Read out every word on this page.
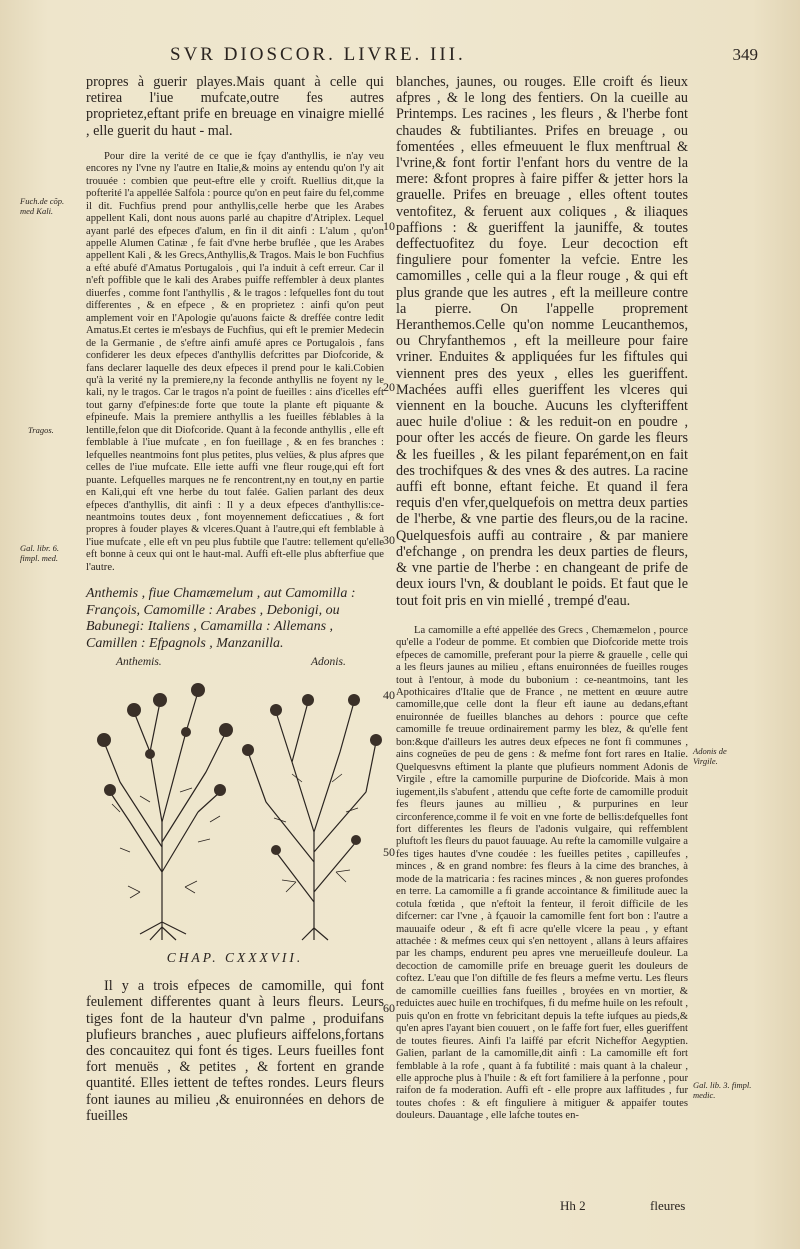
SVR DIOSCOR. LIVRE. III.	349
Fuch.de cõp. med Kali.
Tragos.
Gal. libr. 6. fimpl. med.
Adonis de Virgile.
Gal. lib. 3. fimpl. medic.
10
20
30
40
50
60

propres à guerir playes.Mais quant à celle qui retirea l'iue mufcate,outre fes autres proprietez,eftant prife en breuage en vinaigre miellé , elle guerit du haut - mal.

Pour dire la verité de ce que ie fçay d'anthyllis, ie n'ay veu encores ny l'vne ny l'autre en Italie,& moins ay entendu qu'on l'y ait trouuée : combien que peut-eftre elle y croift. Ruellius dit,que la pofterité l'a appellée Salfola : pource qu'on en peut faire du fel,comme il dit. Fuchfius prend pour anthyllis,celle herbe que les Arabes appellent Kali, dont nous auons parlé au chapitre d'Atriplex. Lequel ayant parlé des efpeces d'alum, en fin il dit ainfi : L'alum , qu'on appelle Alumen Catinæ , fe fait d'vne herbe bruflée , que les Arabes appellent Kali , & les Grecs,Anthyllis,& Tragos. Mais le bon Fuchfius a efté abufé d'Amatus Portugalois , qui l'a induit à ceft erreur. Car il n'eft poffible que le kali des Arabes puiffe reffembler à deux plantes diuerfes , comme font l'anthyllis , & le tragos : lefquelles font du tout differentes , & en efpece , & en proprietez : ainfi qu'on peut amplement voir en l'Apologie qu'auons faicte & dreffée contre ledit Amatus.Et certes ie m'esbays de Fuchfius, qui eft le premier Medecin de la Germanie , de s'eftre ainfi amufé apres ce Portugalois , fans confiderer les deux efpeces d'anthyllis defcrittes par Diofcoride, & fans declarer laquelle des deux efpeces il prend pour le kali.Cobien qu'à la verité ny la premiere,ny la feconde anthyllis ne foyent ny le kali, ny le tragos. Car le tragos n'a point de fueilles : ains d'icelles eft tout garny d'efpines:de forte que toute la plante eft piquante & efpineufe. Mais la premiere anthyllis a les fueilles féblables à la lentille,felon que dit Diofcoride. Quant à la feconde anthyllis , elle eft femblable à l'iue mufcate , en fon fueillage , & en fes branches : lefquelles neantmoins font plus petites, plus velües, & plus afpres que celles de l'iue mufcate. Elle iette auffi vne fleur rouge,qui eft fort puante. Lefquelles marques ne fe rencontrent,ny en tout,ny en partie en Kali,qui eft vne herbe du tout falée. Galien parlant des deux efpeces d'anthyllis, dit ainfi : Il y a deux efpeces d'anthyllis:ce-neantmoins toutes deux , font moyennement deficcatiues , & fort propres à fouder playes & vlceres.Quant à l'autre,qui eft femblable à l'iue mufcate , elle eft vn peu plus fubtile que l'autre: tellement qu'elle eft bonne à ceux qui ont le haut-mal. Auffi eft-elle plus abfterfiue que l'autre.

Anthemis , fiue Chamæmelum , aut Camomilla : François, Camomille : Arabes , Debonigi, ou Babunegi: Italiens , Camamilla : Allemans , Camillen : Efpagnols , Manzanilla.

Anthemis.	Adonis.
CHAP. CXXXVII.

Il y a trois efpeces de camomille, qui font feulement differentes quant à leurs fleurs. Leurs tiges font de la hauteur d'vn palme , produifans plufieurs branches , auec plufieurs aiffelons,fortans des concauitez qui font és tiges. Leurs fueilles font fort menuës , & petites , & fortent en grande quantité. Elles iettent de teftes rondes. Leurs fleurs font iaunes au milieu ,& enuironnées en dehors de fueilles

blanches, jaunes, ou rouges. Elle croift és lieux afpres , & le long des fentiers. On la cueille au Printemps. Les racines , les fleurs , & l'herbe font chaudes & fubtiliantes. Prifes en breuage , ou fomentées , elles efmeuuent le flux menftrual & l'vrine,& font fortir l'enfant hors du ventre de la mere: &font propres à faire piffer & jetter hors la grauelle. Prifes en breuage , elles oftent toutes ventofitez, & feruent aux coliques , & iliaques paffions : & gueriffent la jauniffe, & toutes deffectuofitez du foye. Leur decoction eft finguliere pour fomenter la vefcie. Entre les camomilles , celle qui a la fleur rouge , & qui eft plus grande que les autres , eft la meilleure contre la pierre. On l'appelle proprement Heranthemos.Celle qu'on nomme Leucanthemos, ou Chryfanthemos , eft la meilleure pour faire vriner. Enduites & appliquées fur les fiftules qui viennent pres des yeux , elles les gueriffent. Machées auffi elles gueriffent les vlceres qui viennent en la bouche. Aucuns les clyfteriffent auec huile d'oliue : & les reduit-on en poudre , pour ofter les accés de fieure. On garde les fleurs & les fueilles , & les pilant feparément,on en fait des trochifques & des vnes & des autres. La racine auffi eft bonne, eftant feiche. Et quand il fera requis d'en vfer,quelquefois on mettra deux parties de l'herbe, & vne partie des fleurs,ou de la racine. Quelquesfois auffi au contraire , & par maniere d'efchange , on prendra les deux parties de fleurs, & vne partie de l'herbe : en changeant de prife de deux iours l'vn, & doublant le poids. Et faut que le tout foit pris en vin miellé , trempé d'eau.

La camomille a efté appellée des Grecs , Chemæmelon , pource qu'elle a l'odeur de pomme. Et combien que Diofcoride mette trois efpeces de camomille, preferant pour la pierre & grauelle , celle qui a les fleurs jaunes au milieu , eftans enuironnées de fueilles rouges tout à l'entour, à mode du bubonium : ce-neantmoins, tant les Apothicaires d'Italie que de France , ne mettent en œuure autre camomille,que celle dont la fleur eft iaune au dedans,eftant enuironnée de fueilles blanches au dehors : pource que cefte camomille fe treuue ordinairement parmy les blez, & qu'elle fent bon:&que d'ailleurs les autres deux efpeces ne font fi communes , ains cogneües de peu de gens : & mefme font fort rares en Italie. Quelquesvns eftiment la plante que plufieurs nomment Adonis de Virgile , eftre la camomille purpurine de Diofcoride. Mais à mon iugement,ils s'abufent , attendu que cefte forte de camomille produit fes fleurs jaunes au millieu , & purpurines en leur circonference,comme il fe voit en vne forte de bellis:defquelles font fort differentes les fleurs de l'adonis vulgaire, qui reffemblent pluftoft les fleurs du pauot fauuage. Au refte la camomille vulgaire a fes tiges hautes d'vne coudée : les fueilles petites , capilleufes , minces , & en grand nombre: fes fleurs à la cime des branches, à mode de la matricaria : fes racines minces , & non gueres profondes en terre. La camomille a fi grande accointance & fimilitude auec la cotula fœtida , que n'eftoit la fenteur, il feroit difficile de les difcerner: car l'vne , à fçauoir la camomille fent fort bon : l'autre a mauuaife odeur , & eft fi acre qu'elle vlcere la peau , y eftant attachée : & mefmes ceux qui s'en nettoyent , allans à leurs affaires par les champs, endurent peu apres vne merueilleufe douleur. La decoction de camomille prife en breuage guerit les douleurs de coftez. L'eau que l'on diftille de fes fleurs a mefme vertu. Les fleurs de camomille cueillies fans fueilles , broyées en vn mortier, & reduictes auec huile en trochifques, fi du mefme huile on les refoult , puis qu'on en frotte vn febricitant depuis la tefte iufques au pieds,& qu'en apres l'ayant bien couuert , on le faffe fort fuer, elles gueriffent de toutes fieures. Ainfi l'a laiffé par efcrit Nicheffor Aegyptien. Galien, parlant de la camomille,dit ainfi : La camomille eft fort femblable à la rofe , quant à fa fubtilité : mais quant à la chaleur , elle approche plus à l'huile : & eft fort familiere à la perfonne , pour raifon de fa moderation. Auffi eft - elle propre aux laffitudes , fur toutes chofes : & eft finguliere à mitiguer & appaifer toutes douleurs. Dauantage , elle lafche toutes en-

Hh 2	fleures
